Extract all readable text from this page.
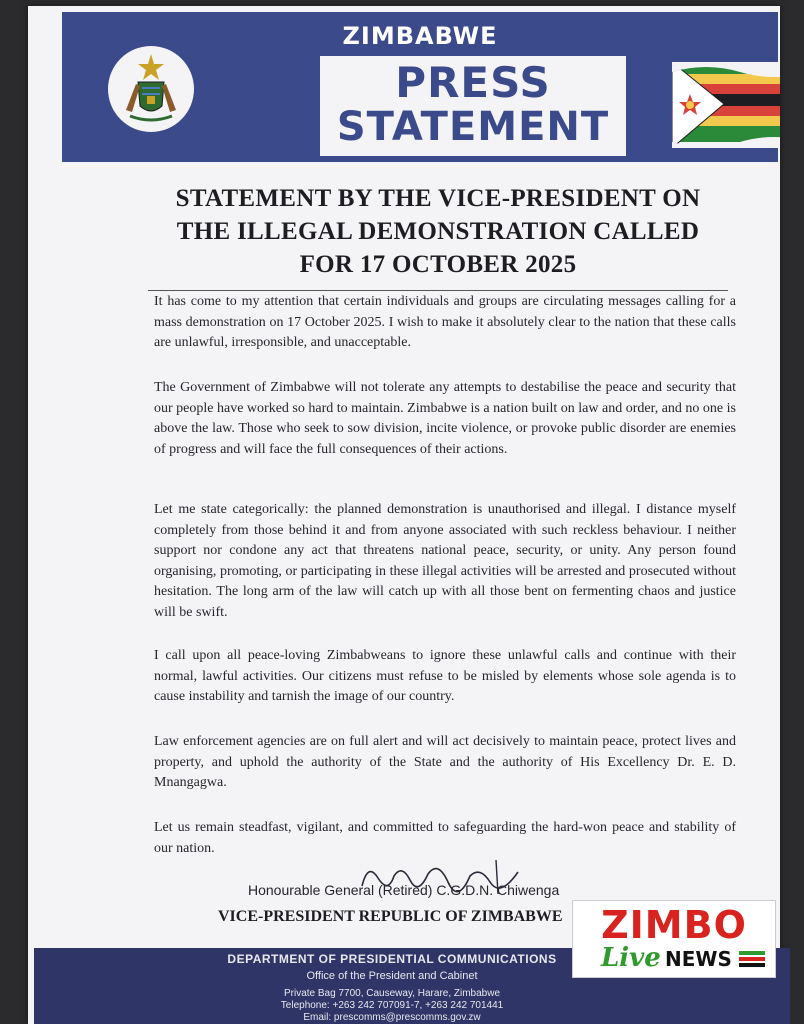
ZIMBABWE
PRESS
STATEMENT
STATEMENT BY THE VICE-PRESIDENT ON
THE ILLEGAL DEMONSTRATION CALLED
FOR 17 OCTOBER 2025
It has come to my attention that certain individuals and groups are circulating messages calling for a mass demonstration on 17 October 2025. I wish to make it absolutely clear to the nation that these calls are unlawful, irresponsible, and unacceptable.
The Government of Zimbabwe will not tolerate any attempts to destabilise the peace and security that our people have worked so hard to maintain. Zimbabwe is a nation built on law and order, and no one is above the law. Those who seek to sow division, incite violence, or provoke public disorder are enemies of progress and will face the full consequences of their actions.
Let me state categorically: the planned demonstration is unauthorised and illegal. I distance myself completely from those behind it and from anyone associated with such reckless behaviour. I neither support nor condone any act that threatens national peace, security, or unity. Any person found organising, promoting, or participating in these illegal activities will be arrested and prosecuted without hesitation. The long arm of the law will catch up with all those bent on fermenting chaos and justice will be swift.
I call upon all peace-loving Zimbabweans to ignore these unlawful calls and continue with their normal, lawful activities. Our citizens must refuse to be misled by elements whose sole agenda is to cause instability and tarnish the image of our country.
Law enforcement agencies are on full alert and will act decisively to maintain peace, protect lives and property, and uphold the authority of the State and the authority of His Excellency Dr. E. D. Mnangagwa.
Let us remain steadfast, vigilant, and committed to safeguarding the hard-won peace and stability of our nation.
Honourable General (Retired) C.G.D.N. Chiwenga
VICE-PRESIDENT REPUBLIC OF ZIMBABWE
DEPARTMENT OF PRESIDENTIAL COMMUNICATIONS
Office of the President and Cabinet
Private Bag 7700, Causeway, Harare, Zimbabwe
Telephone: +263 242 707091-7, +263 242 701441
Email: prescomms@prescomms.gov.zw
ZIMBO
Live NEWS
